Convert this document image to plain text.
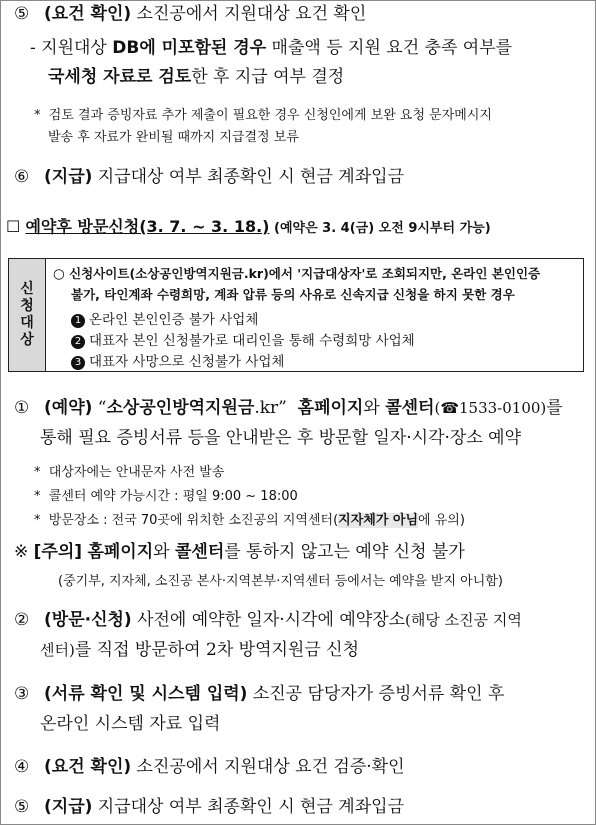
⑤ (요건 확인) 소진공에서 지원대상 요건 확인
- 지원대상 DB에 미포함된 경우 매출액 등 지원 요건 충족 여부를
국세청 자료로 검토한 후 지급 여부 결정
* 검토 결과 증빙자료 추가 제출이 필요한 경우 신청인에게 보완 요청 문자메시지
발송 후 자료가 완비될 때까지 지급결정 보류
⑥ (지급) 지급대상 여부 최종확인 시 현금 계좌입금
☐ 예약후 방문신청(3. 7. ~ 3. 18.) (예약은 3. 4(금) 오전 9시부터 가능)
신청대상
○ 신청사이트(소상공인방역지원금.kr)에서 '지급대상자'로 조회되지만, 온라인 본인인증
불가, 타인계좌 수령희망, 계좌 압류 등의 사유로 신속지급 신청을 하지 못한 경우
1 온라인 본인인증 불가 사업체
2 대표자 본인 신청불가로 대리인을 통해 수령희망 사업체
3 대표자 사망으로 신청불가 사업체
① (예약) “소상공인방역지원금.kr” 홈페이지와 콜센터(☎1533-0100)를
통해 필요 증빙서류 등을 안내받은 후 방문할 일자·시각·장소 예약
* 대상자에는 안내문자 사전 발송
* 콜센터 예약 가능시간 : 평일 9:00 ~ 18:00
* 방문장소 : 전국 70곳에 위치한 소진공의 지역센터(지자체가 아님에 유의)
※ [주의] 홈페이지와 콜센터를 통하지 않고는 예약 신청 불가
(중기부, 지자체, 소진공 본사·지역본부·지역센터 등에서는 예약을 받지 아니함)
② (방문·신청) 사전에 예약한 일자·시각에 예약장소(해당 소진공 지역
센터)를 직접 방문하여 2차 방역지원금 신청
③ (서류 확인 및 시스템 입력) 소진공 담당자가 증빙서류 확인 후
온라인 시스템 자료 입력
④ (요건 확인) 소진공에서 지원대상 요건 검증·확인
⑤ (지급) 지급대상 여부 최종확인 시 현금 계좌입금
